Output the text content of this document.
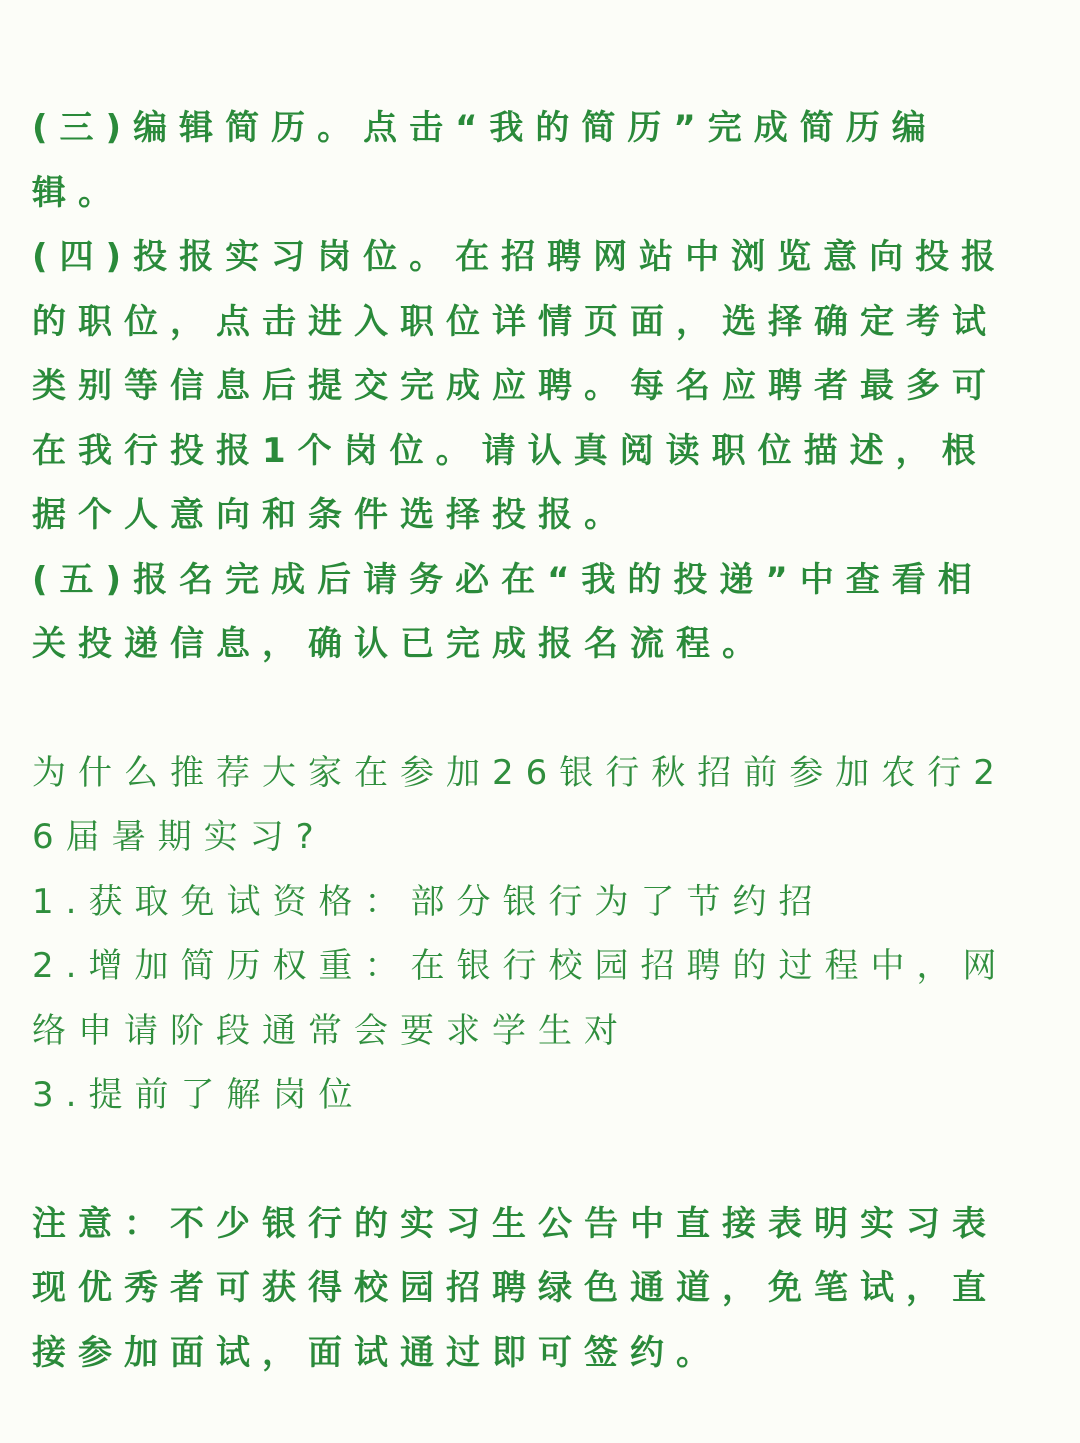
(三)编辑简历。点击“我的简历”完成简历编
辑。
(四)投报实习岗位。在招聘网站中浏览意向投报
的职位，点击进入职位详情页面，选择确定考试
类别等信息后提交完成应聘。每名应聘者最多可
在我行投报1个岗位。请认真阅读职位描述，根
据个人意向和条件选择投报。
(五)报名完成后请务必在“我的投递”中查看相
关投递信息，确认已完成报名流程。
为什么推荐大家在参加26银行秋招前参加农行2
6届暑期实习?
1.获取免试资格：部分银行为了节约招
2.增加简历权重：在银行校园招聘的过程中，网
络申请阶段通常会要求学生对
3.提前了解岗位
注意：不少银行的实习生公告中直接表明实习表
现优秀者可获得校园招聘绿色通道，免笔试，直
接参加面试，面试通过即可签约。
